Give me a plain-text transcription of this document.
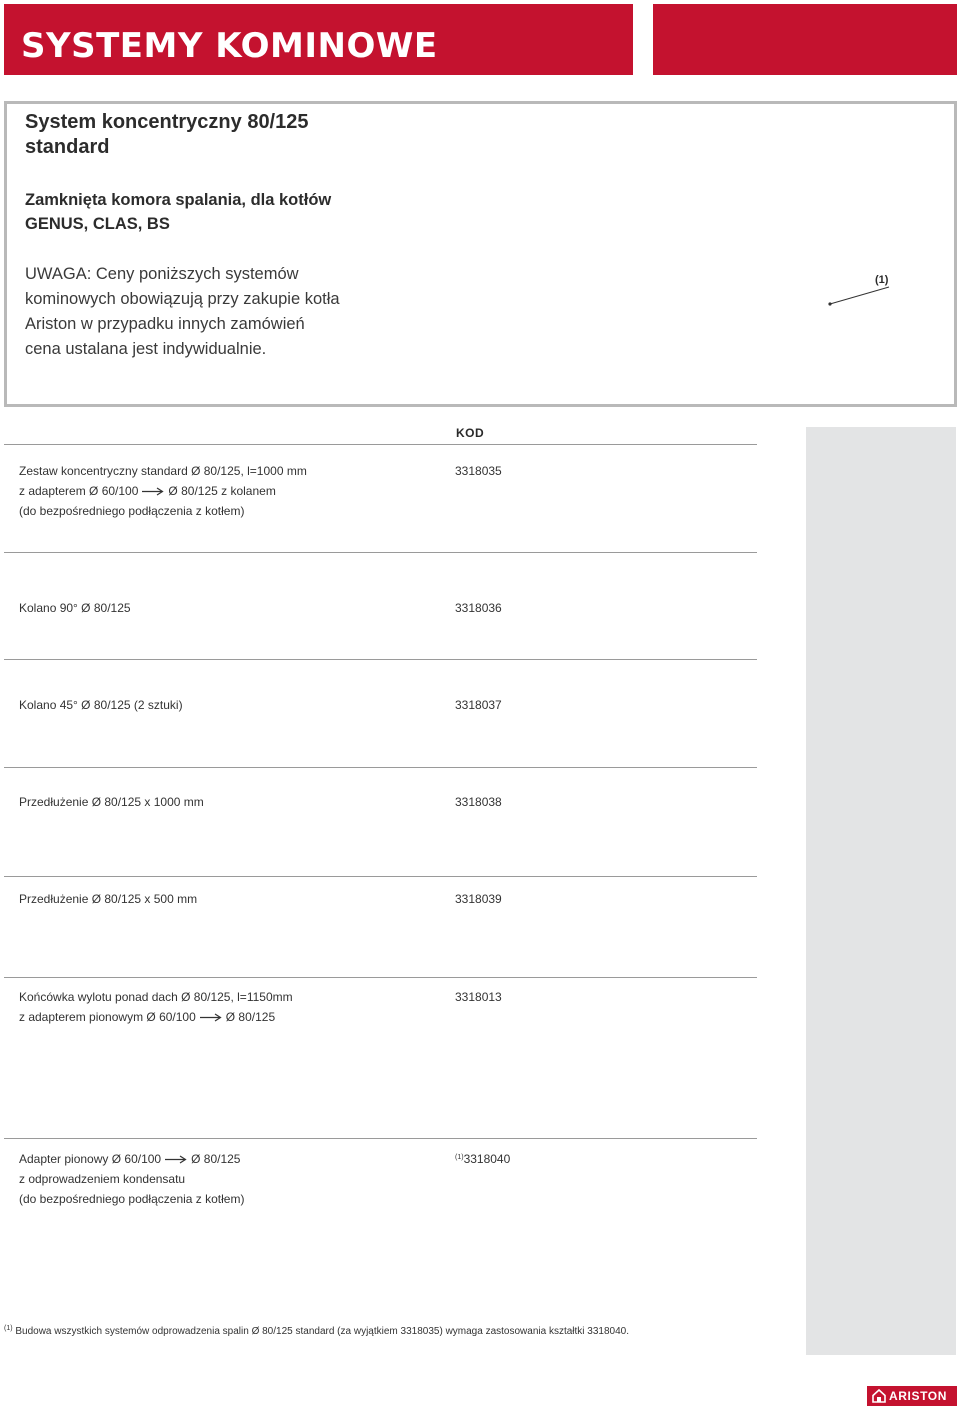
SYSTEMY KOMINOWE
System koncentryczny 80/125 standard
Zamknięta komora spalania, dla kotłów GENUS, CLAS, BS
UWAGA: Ceny poniższych systemów kominowych obowiązują przy zakupie kotła Ariston w przypadku innych zamówień cena ustalana jest indywidualnie.
(1)
KOD
Zestaw koncentryczny standard Ø 80/125, l=1000 mm
z adapterem Ø 60/100	Ø 80/125 z kolanem
(do bezpośredniego podłączenia z kotłem)
3318035
Kolano 90° Ø 80/125	3318036
Kolano 45° Ø 80/125 (2 sztuki)	3318037
Przedłużenie Ø 80/125 x 1000 mm	3318038
Przedłużenie Ø 80/125 x 500 mm	3318039
Końcówka wylotu ponad dach Ø 80/125, l=1150mm
z adapterem pionowym Ø 60/100	Ø 80/125
3318013
Adapter pionowy Ø 60/100	Ø 80/125
z odprowadzeniem kondensatu
(do bezpośredniego podłączenia z kotłem)
$^{(1)}$3318040
$^{(1)}$ Budowa wszystkich systemów odprowadzenia spalin Ø 80/125 standard (za wyjątkiem 3318035) wymaga zastosowania kształtki 3318040.
ARISTON
